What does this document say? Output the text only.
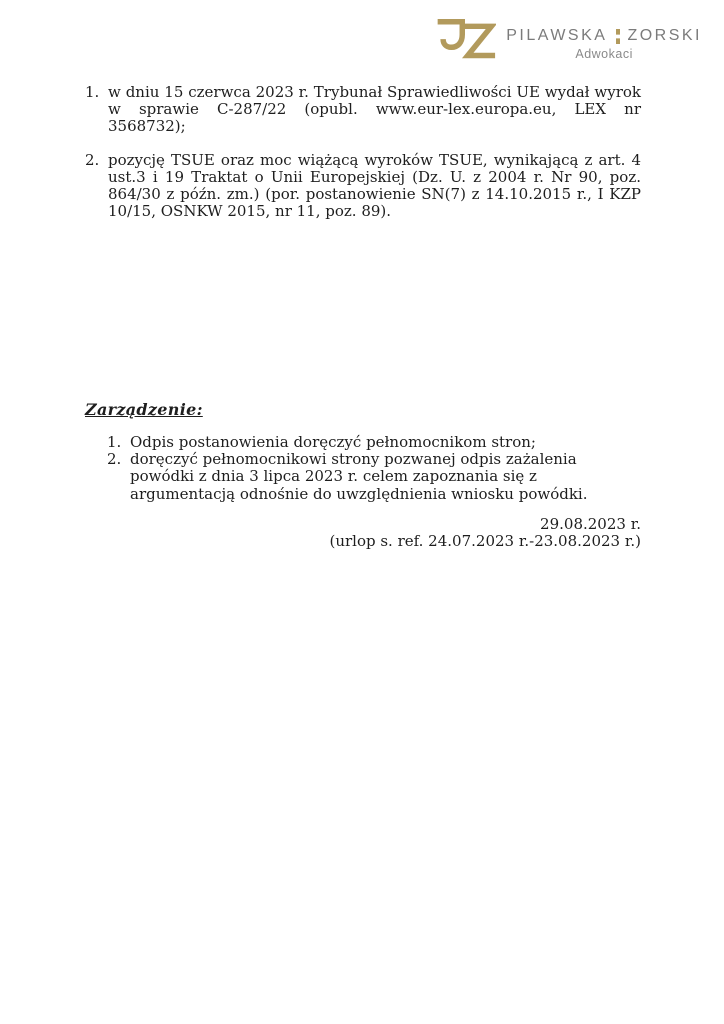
PILAWSKA ZORSKI
Adwokaci
1. w dniu 15 czerwca 2023 r. Trybunał Sprawiedliwości UE wydał wyrok w sprawie C-287/22 (opubl. www.eur-lex.europa.eu, LEX nr 3568732);
2. pozycję TSUE oraz moc wiążącą wyroków TSUE, wynikającą z art. 4 ust.3 i 19 Traktat o Unii Europejskiej (Dz. U. z 2004 r. Nr 90, poz. 864/30 z późn. zm.) (por. postanowienie SN(7) z 14.10.2015 r., I KZP 10/15, OSNKW 2015, nr 11, poz. 89).
Zarządzenie:
1. Odpis postanowienia doręczyć pełnomocnikom stron;
2. doręczyć pełnomocnikowi strony pozwanej odpis zażalenia powódki z dnia 3 lipca 2023 r. celem zapoznania się z argumentacją odnośnie do uwzględnienia wniosku powódki.
29.08.2023 r.
(urlop s. ref. 24.07.2023 r.-23.08.2023 r.)
